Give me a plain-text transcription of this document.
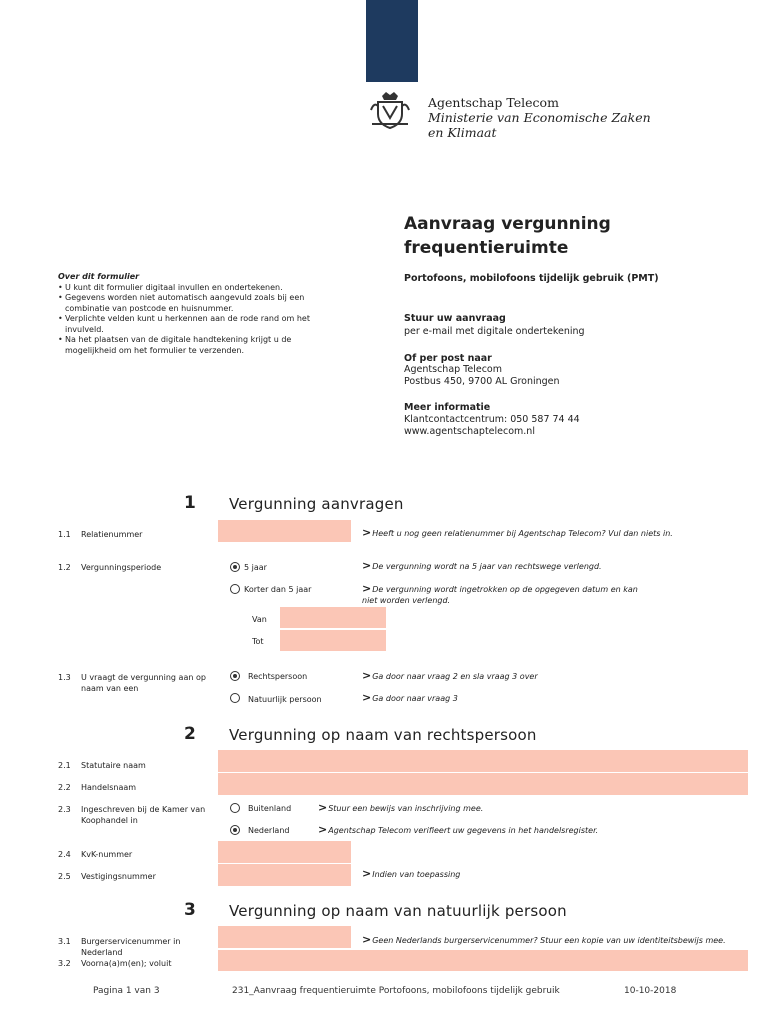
Agentschap Telecom
Ministerie van Economische Zaken
en Klimaat
Aanvraag vergunning
frequentieruimte
Portofoons, mobilofoons tijdelijk gebruik (PMT)
Stuur uw aanvraag
per e-mail met digitale ondertekening
Of per post naar
Agentschap Telecom
Postbus 450, 9700 AL Groningen
Meer informatie
Klantcontactcentrum: 050 587 74 44
www.agentschaptelecom.nl
Over dit formulier
• U kunt dit formulier digitaal invullen en ondertekenen.
• Gegevens worden niet automatisch aangevuld zoals bij een combinatie van postcode en huisnummer.
• Verplichte velden kunt u herkennen aan de rode rand om het invulveld.
• Na het plaatsen van de digitale handtekening krijgt u de mogelijkheid om het formulier te verzenden.
1 Vergunning aanvragen
1.1 Relatienummer	>Heeft u nog geen relatienummer bij Agentschap Telecom? Vul dan niets in.
1.2 Vergunningsperiode	5 jaar	>De vergunning wordt na 5 jaar van rechtswege verlengd.
Korter dan 5 jaar	>De vergunning wordt ingetrokken op de opgegeven datum en kan niet worden verlengd.
Van
Tot
1.3 U vraagt de vergunning aan op naam van een
Rechtspersoon	>Ga door naar vraag 2 en sla vraag 3 over
Natuurlijk persoon	>Ga door naar vraag 3
2 Vergunning op naam van rechtspersoon
2.1 Statutaire naam
2.2 Handelsnaam
2.3 Ingeschreven bij de Kamer van Koophandel in
Buitenland >Stuur een bewijs van inschrijving mee.
Nederland	>Agentschap Telecom verifieert uw gegevens in het handelsregister.
2.4 KvK-nummer
2.5 Vestigingsnummer	>Indien van toepassing
3 Vergunning op naam van natuurlijk persoon
3.1 Burgerservicenummer in Nederland
>Geen Nederlands burgerservicenummer? Stuur een kopie van uw identiteitsbewijs mee.
3.2 Voorna(a)m(en); voluit
Pagina 1 van 3	231_Aanvraag frequentieruimte Portofoons, mobilofoons tijdelijk gebruik	10-10-2018
